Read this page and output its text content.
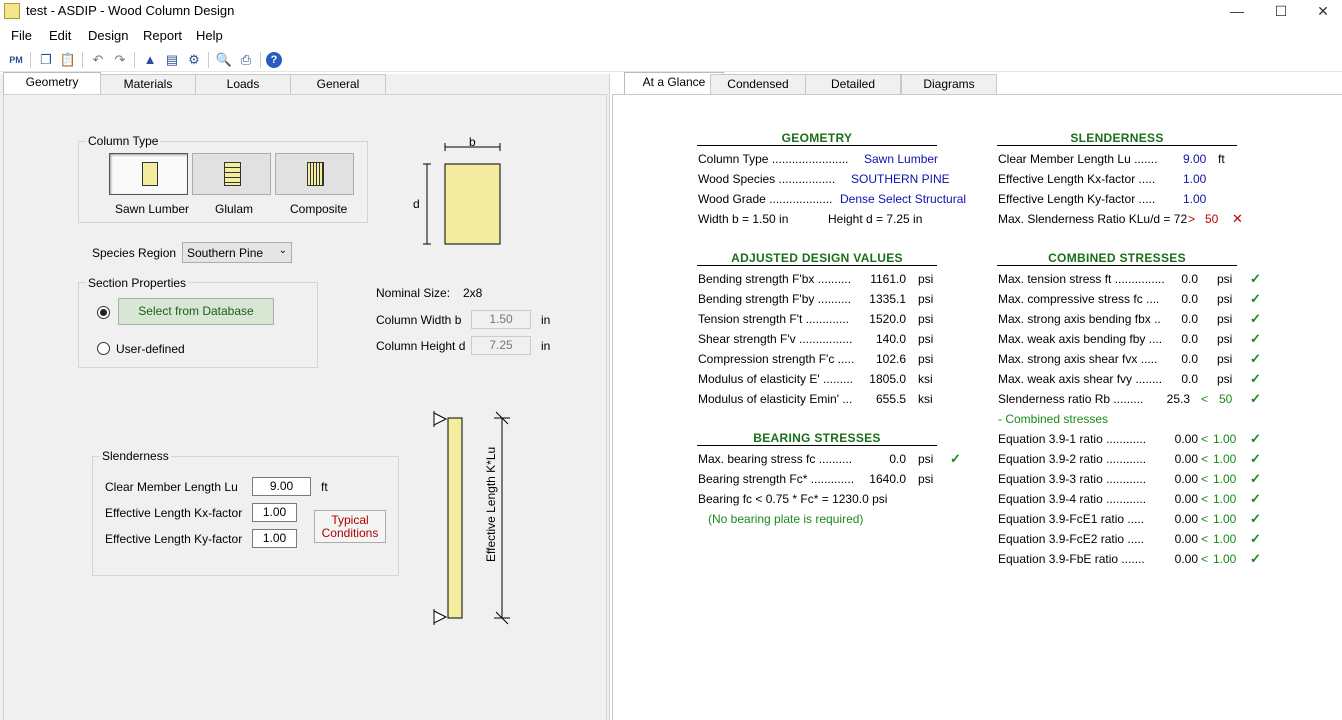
test - ASDIP - Wood Column Design	—	☐	✕
File Edit Design Report Help
PM	❐ 📋	↶ ↷	▲ ▤ ⚙	🔍 ⎙	?
Geometry	Materials	Loads	General
Column Type
Sawn Lumber Glulam	Composite
b
d
Species Region Southern Pine ⌄
Section Properties
Select from Database
User-defined
Nominal Size: 2x8
Column Width b	1.50	in
Column Height d	7.25	in
Slenderness
Clear Member Length Lu	9.00	ft
Effective Length Kx-factor	1.00
Effective Length Ky-factor	1.00
Typical
Conditions	Effective Length K*Lu
At a Glance	Condensed	Detailed	Diagrams
GEOMETRY
Column Type ....................... Sawn Lumber
Wood Species ................. SOUTHERN PINE
Wood Grade ................... Dense Select Structural
Width b = 1.50 in	Height d = 7.25 in
SLENDERNESS
Clear Member Length Lu ....... 9.00 ft
Effective Length Kx-factor ..... 1.00
Effective Length Ky-factor ..... 1.00
Max. Slenderness Ratio KLu/d = 72 > 50 ✕
ADJUSTED DESIGN VALUES
BEARING STRESSES
Max. bearing stress fc ..........	0.0 psi ✓
Bearing strength Fc* .............	1640.0 psi
Bearing fc < 0.75 * Fc* = 1230.0 psi
(No bearing plate is required)
COMBINED STRESSES
Slenderness ratio Rb .........	25.3 < 50 ✓
- Combined stresses
Bending strength F'bx ..........	1161.0 psi
Bending strength F'by ..........	1335.1 psi
Tension strength F't .............	1520.0 psi
Shear strength F'v ................	140.0 psi
Compression strength F'c .....	102.6 psi
Modulus of elasticity E' .........	1805.0 ksi
Modulus of elasticity Emin' ...	655.5 ksi
Max. tension stress ft ...............	0.0 psi ✓
Max. compressive stress fc ....	0.0 psi ✓
Max. strong axis bending fbx ..	0.0 psi ✓
Max. weak axis bending fby ....	0.0 psi ✓
Max. strong axis shear fvx .....	0.0 psi ✓
Max. weak axis shear fvy ........	0.0 psi ✓
Equation 3.9-1 ratio ............	0.00 < 1.00 ✓
Equation 3.9-2 ratio ............	0.00 < 1.00 ✓
Equation 3.9-3 ratio ............	0.00 < 1.00 ✓
Equation 3.9-4 ratio ............	0.00 < 1.00 ✓
Equation 3.9-FcE1 ratio .....	0.00 < 1.00 ✓
Equation 3.9-FcE2 ratio .....	0.00 < 1.00 ✓
Equation 3.9-FbE ratio .......	0.00 < 1.00 ✓
